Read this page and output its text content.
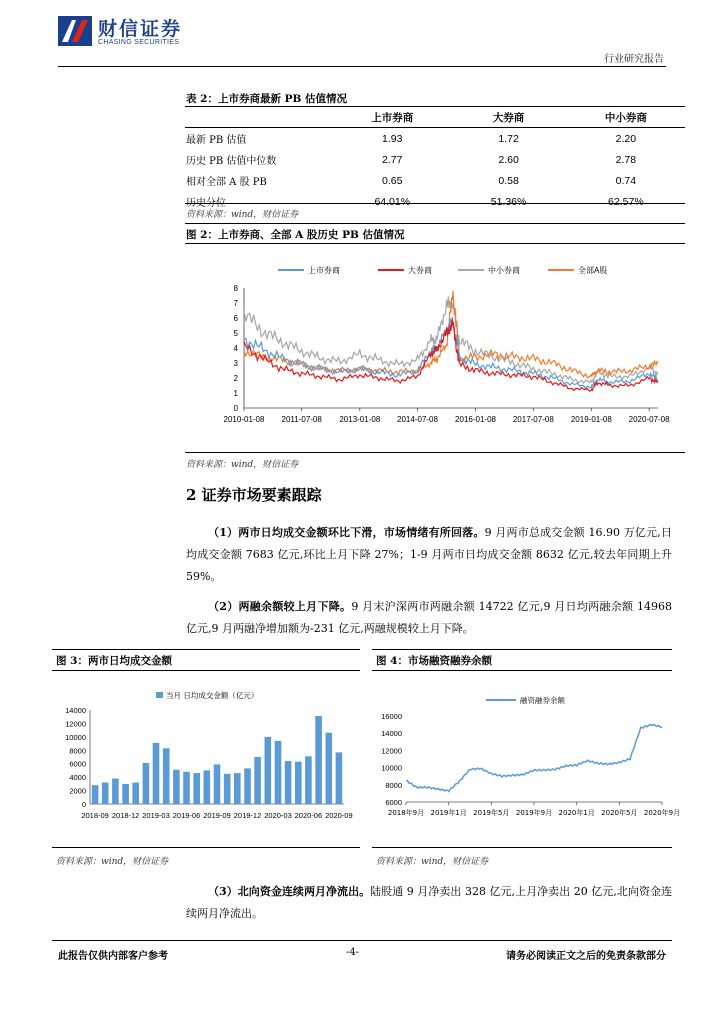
财信证券
CHASING SECURITIES
行业研究报告
表 2：上市券商最新 PB 估值情况
	上市券商	大券商	中小券商
最新 PB 估值	1.93	1.72	2.20
历史 PB 估值中位数	2.77	2.60	2.78
相对全部 A 股 PB	0.65	0.58	0.74
历史分位	64.01%	51.36%	62.57%
资料来源：wind，财信证券
图 2：上市券商、全部 A 股历史 PB 估值情况
上市券商	大券商	中小券商	全部A股
0
1
2
3
4
5
6
7
8
2010-01-08 2011-07-08 2013-01-08 2014-07-08 2016-01-08 2017-07-08 2019-01-08 2020-07-08
资料来源：wind，财信证券
2 证券市场要素跟踪
（1）两市日均成交金额环比下滑，市场情绪有所回落。9 月两市总成交金额 16.90 万亿元,日均成交金额 7683 亿元,环比上月下降 27%；1-9 月两市日均成交金额 8632 亿元,较去年同期上升 59%。
（2）两融余额较上月下降。9 月末沪深两市两融余额 14722 亿元,9 月日均两融余额 14968 亿元,9 月两融净增加额为-231 亿元,两融规模较上月下降。
图 3：两市日均成交金额	图 4：市场融资融券余额
当月 日均成交金额（亿元）
0
2000
4000
6000
8000
10000
12000
14000
2018-09 2018-12 2019-03 2019-06 2019-09 2019-12 2020-03 2020-06 2020-09
融资融券余额
6000
8000
10000
12000
14000
16000
2018年9月 2019年1月 2019年5月 2019年9月 2020年1月 2020年5月 2020年9月
资料来源：wind，财信证券	资料来源：wind，财信证券
（3）北向资金连续两月净流出。陆股通 9 月净卖出 328 亿元,上月净卖出 20 亿元,北向资金连续两月净流出。
此报告仅供内部客户参考	-4-	请务必阅读正文之后的免责条款部分
